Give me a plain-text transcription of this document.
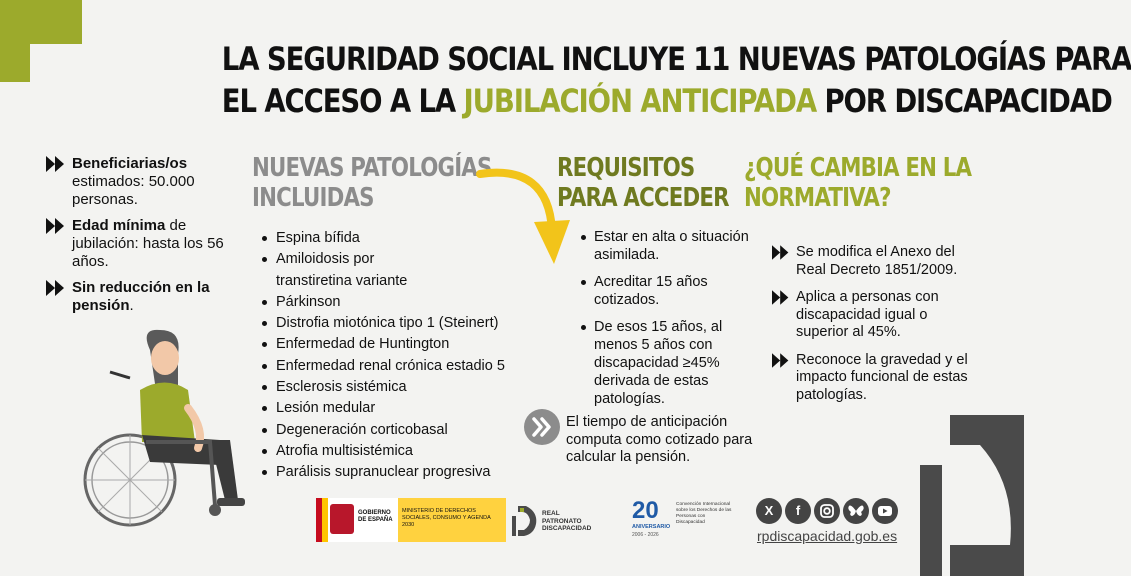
LA SEGURIDAD SOCIAL INCLUYE 11 NUEVAS PATOLOGÍAS PARA
EL ACCESO A LA JUBILACIÓN ANTICIPADA POR DISCAPACIDAD
Beneficiarias/os estimados: 50.000 personas.
Edad mínima de jubilación: hasta los 56 años.
Sin reducción en la pensión.
NUEVAS PATOLOGÍAS
INCLUIDAS
Espina bífida
Amiloidosis por
transtiretina variante
Párkinson
Distrofia miotónica tipo 1 (Steinert)
Enfermedad de Huntington
Enfermedad renal crónica estadio 5
Esclerosis sistémica
Lesión medular
Degeneración corticobasal
Atrofia multisistémica
Parálisis supranuclear progresiva
REQUISITOS
PARA ACCEDER
Estar en alta o situación asimilada.
Acreditar 15 años cotizados.
De esos 15 años, al menos 5 años con discapacidad ≥45% derivada de estas patologías.
El tiempo de anticipación computa como cotizado para calcular la pensión.
¿QUÉ CAMBIA EN LA
NORMATIVA?
Se modifica el Anexo del Real Decreto 1851/2009.
Aplica a personas con discapacidad igual o superior al 45%.
Reconoce la gravedad y el impacto funcional de estas patologías.
GOBIERNO
DE ESPAÑA
MINISTERIO DE DERECHOS SOCIALES, CONSUMO Y AGENDA 2030
REAL
PATRONATO
DISCAPACIDAD
20
ANIVERSARIO
2006 - 2026
Convención Internacional sobre los Derechos de las Personas con Discapacidad
X	f
rpdiscapacidad.gob.es
